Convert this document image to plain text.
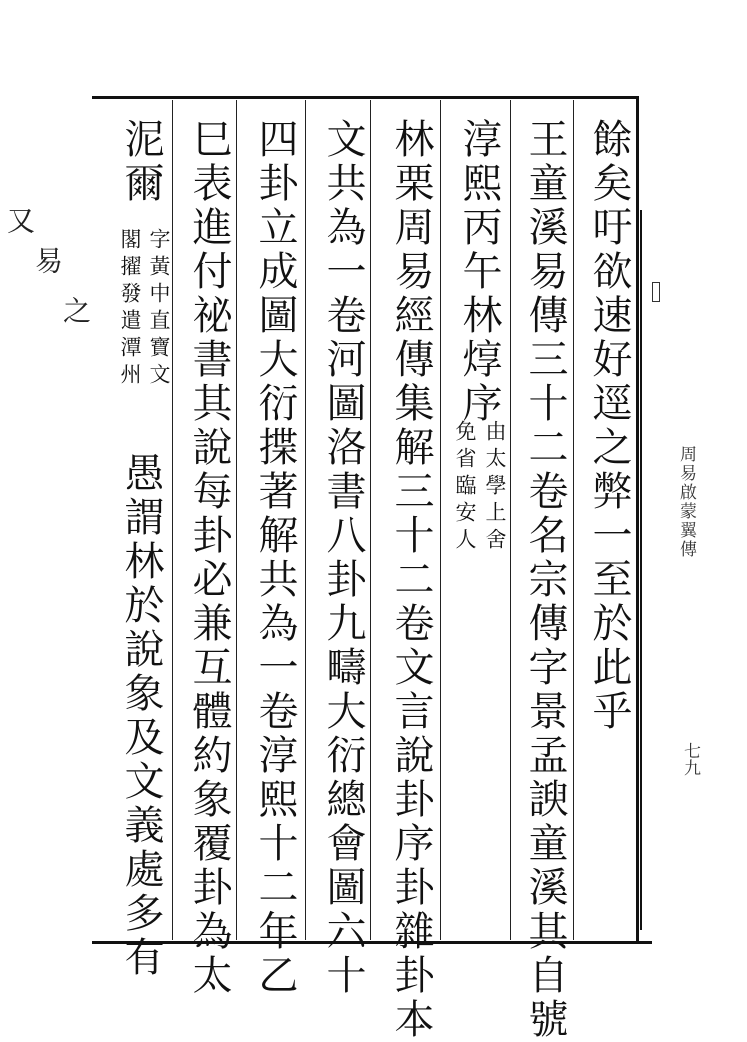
又
易
之	餘矣吁欲速好逕之弊一至於此乎
王童溪易傳三十二卷名宗傳字景孟諛童溪其自號
淳熙丙午林焞序
由太學上舍
免省臨安人
林栗周易經傳集解三十二卷文言說卦序卦雜卦本
文共為一卷河圖洛書八卦九疇大衍總會圖六十
四卦立成圖大衍揲著解共為一卷淳熙十二年乙
巳表進付祕書其說每卦必兼互體約象覆卦為太
泥爾
字黃中直寶文
閣擢發遣潭州
愚謂林於說象及文義處多有	周易啟蒙翼傳
七九
